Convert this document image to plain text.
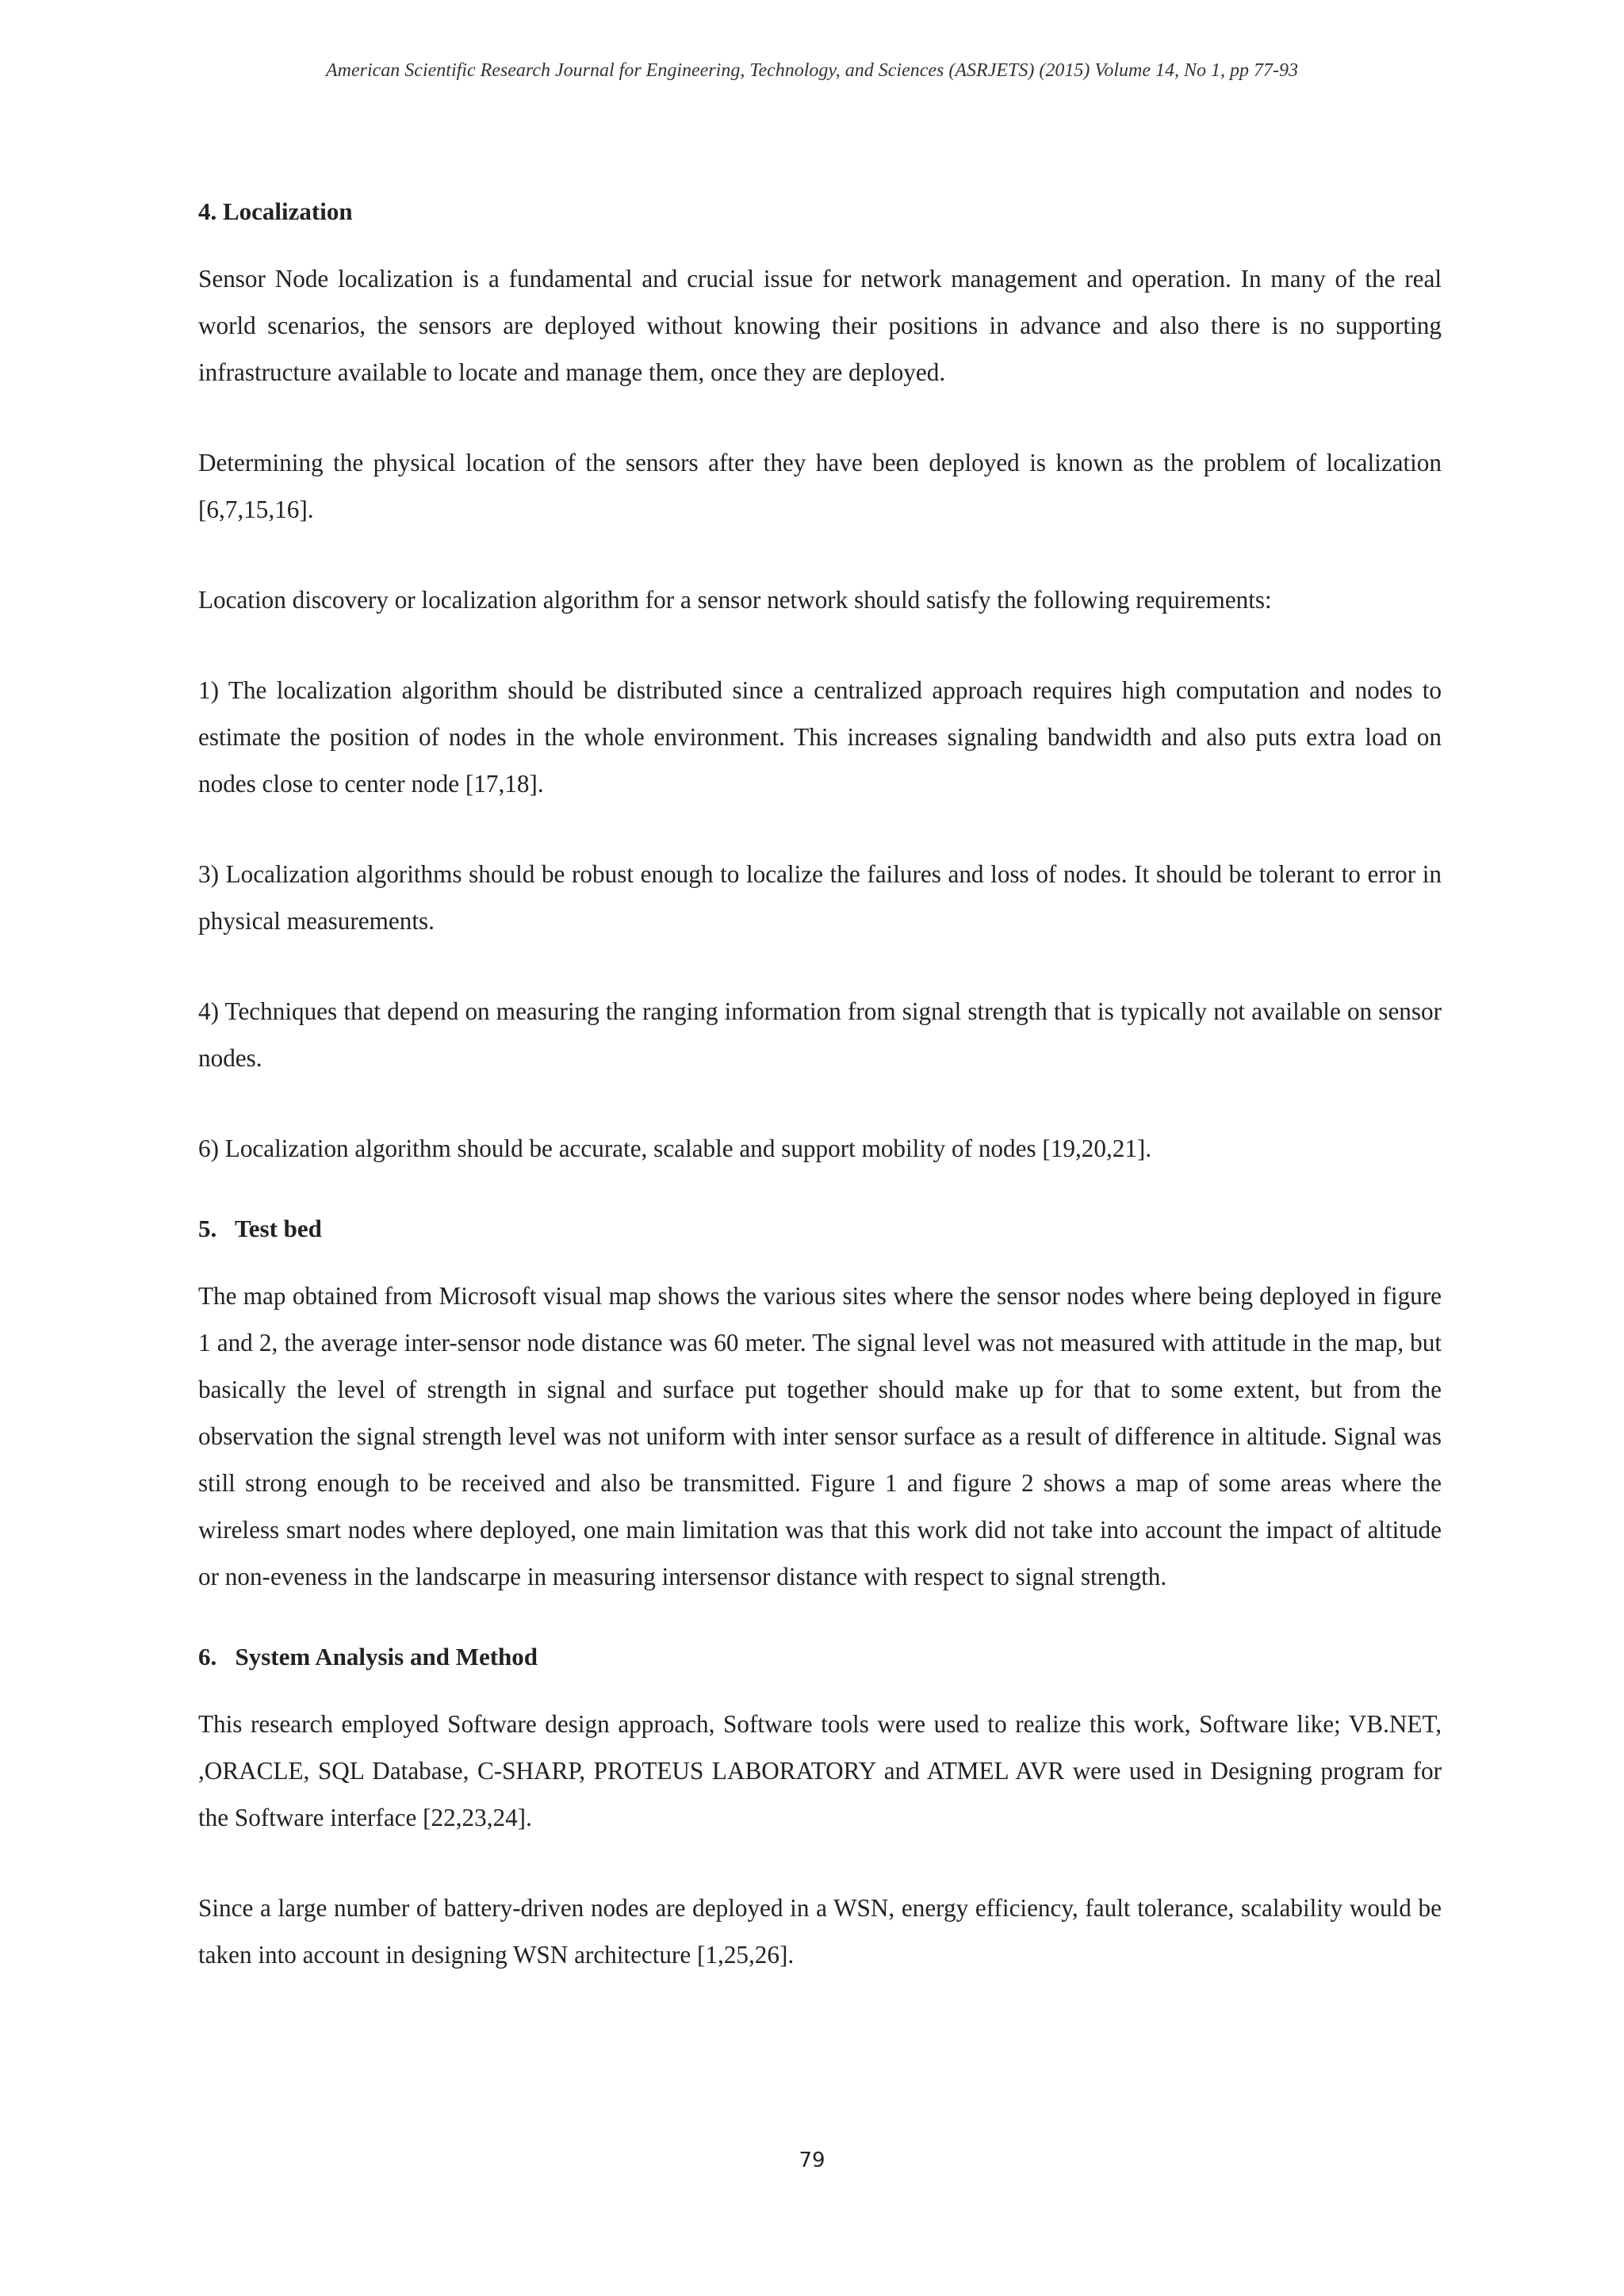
American Scientific Research Journal for Engineering, Technology, and Sciences (ASRJETS) (2015) Volume 14, No 1, pp 77-93
4. Localization

Sensor Node localization is a fundamental and crucial issue for network management and operation. In many of the real world scenarios, the sensors are deployed without knowing their positions in advance and also there is no supporting infrastructure available to locate and manage them, once they are deployed.

Determining the physical location of the sensors after they have been deployed is known as the problem of localization [6,7,15,16].

Location discovery or localization algorithm for a sensor network should satisfy the following requirements:

1) The localization algorithm should be distributed since a centralized approach requires high computation and nodes to estimate the position of nodes in the whole environment. This increases signaling bandwidth and also puts extra load on nodes close to center node [17,18].

3) Localization algorithms should be robust enough to localize the failures and loss of nodes. It should be tolerant to error in physical measurements.

4) Techniques that depend on measuring the ranging information from signal strength that is typically not available on sensor nodes.

6) Localization algorithm should be accurate, scalable and support mobility of nodes [19,20,21].

5.   Test bed

The map obtained from Microsoft visual map shows the various sites where the sensor nodes where being deployed in figure 1 and 2, the average inter-sensor node distance was 60 meter. The signal level was not measured with attitude in the map, but basically the level of strength in signal and surface put together should make up for that to some extent, but from the observation the signal strength level was not uniform with inter sensor surface as a result of difference in altitude. Signal was still strong enough to be received and also be transmitted. Figure 1 and figure 2 shows a map of some areas where the wireless smart nodes where deployed, one main limitation was that this work did not take into account the impact of altitude or non-eveness in the landscarpe in measuring intersensor distance with respect to signal strength.

6.   System Analysis and Method

This research employed Software design approach, Software tools were used to realize this work, Software like; VB.NET, ,ORACLE, SQL Database, C-SHARP, PROTEUS LABORATORY and ATMEL AVR were used in Designing program for the Software interface [22,23,24].

Since a large number of battery-driven nodes are deployed in a WSN, energy efficiency, fault tolerance, scalability would be taken into account in designing WSN architecture [1,25,26].

79
